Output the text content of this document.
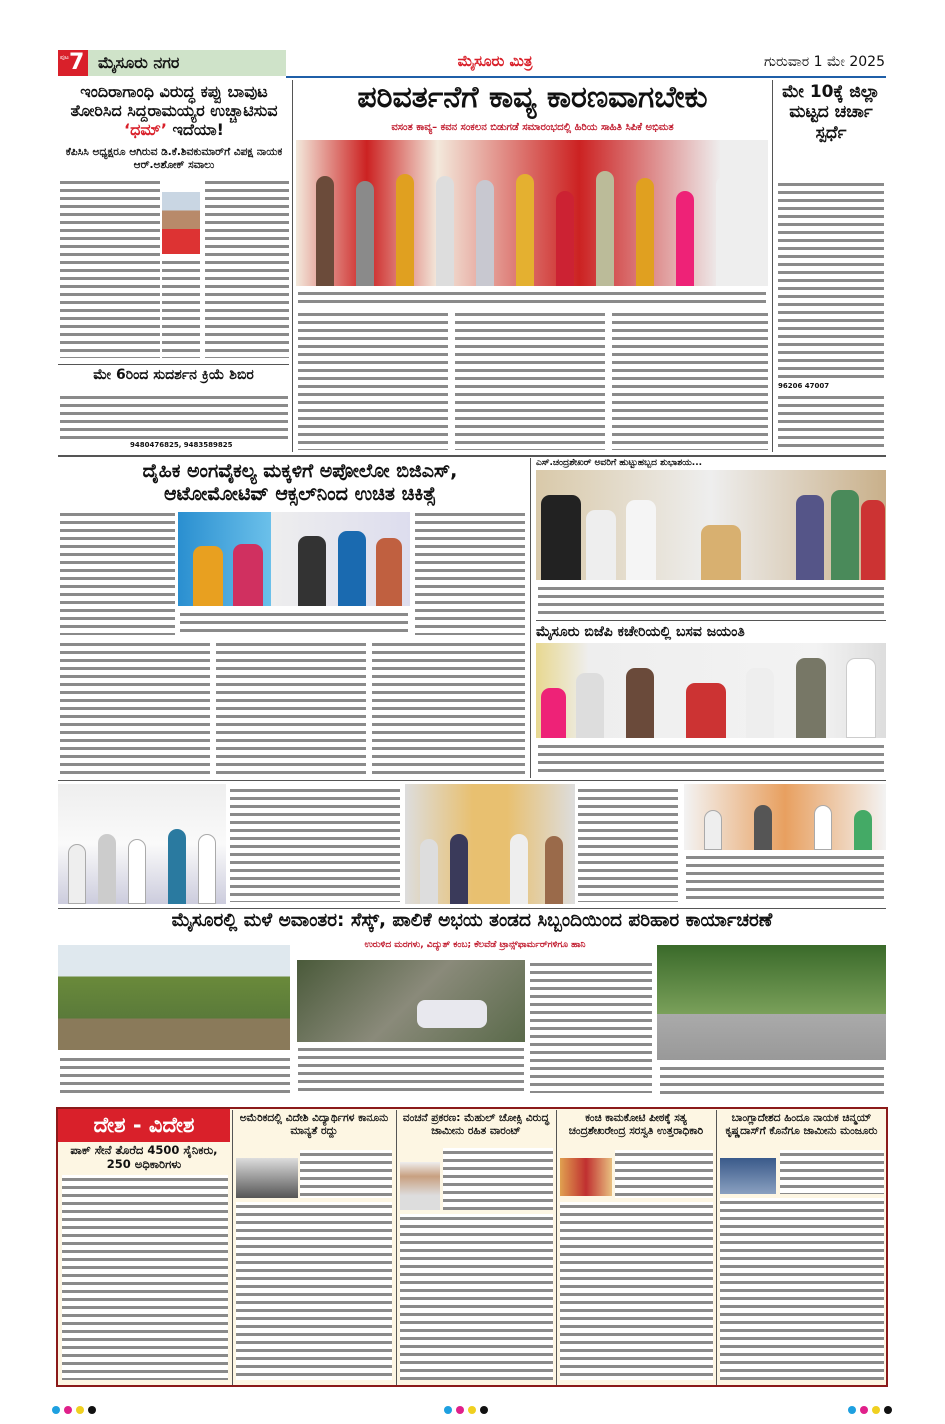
ಪುಟ 7 ಮೈಸೂರು ನಗರ	ಮೈಸೂರು ಮಿತ್ರ	ಗುರುವಾರ 1 ಮೇ 2025
ಇಂದಿರಾಗಾಂಧಿ ವಿರುದ್ಧ ಕಪ್ಪು ಬಾವುಟ ತೋರಿಸಿದ ಸಿದ್ದರಾಮಯ್ಯರ ಉಚ್ಚಾಟಿಸುವ ‘ಧಮ್’ ಇದೆಯಾ!
ಕೆಪಿಸಿಸಿ ಅಧ್ಯಕ್ಷರೂ ಆಗಿರುವ ಡಿ.ಕೆ.ಶಿವಕುಮಾರ್‌ಗೆ ವಿಪಕ್ಷ ನಾಯಕ ಆರ್.ಅಶೋಕ್ ಸವಾಲು
ಮೇ 6ರಿಂದ ಸುದರ್ಶನ ಕ್ರಿಯೆ ಶಿಬಿರ
9480476825, 9483589825
ಪರಿವರ್ತನೆಗೆ ಕಾವ್ಯ ಕಾರಣವಾಗಬೇಕು
ವಸಂತ ಕಾವ್ಯ– ಕವನ ಸಂಕಲನ ಬಿಡುಗಡೆ ಸಮಾರಂಭದಲ್ಲಿ ಹಿರಿಯ ಸಾಹಿತಿ ಸಿಪಿಕೆ ಅಭಿಮತ
ಮೇ 10ಕ್ಕೆ ಜಿಲ್ಲಾ ಮಟ್ಟದ ಚರ್ಚಾ ಸ್ಪರ್ಧೆ
96206 47007
ದೈಹಿಕ ಅಂಗವೈಕಲ್ಯ ಮಕ್ಕಳಿಗೆ ಅಪೋಲೋ ಬಿಜಿಎಸ್, ಆಟೋಮೋಟಿವ್ ಆಕ್ಸಲ್‌ನಿಂದ ಉಚಿತ ಚಿಕಿತ್ಸೆ
ಎಸ್.ಚಂದ್ರಶೇಖರ್ ಅವರಿಗೆ ಹುಟ್ಟುಹಬ್ಬದ ಶುಭಾಶಯ...
ಮೈಸೂರು ಬಿಜೆಪಿ ಕಚೇರಿಯಲ್ಲಿ ಬಸವ ಜಯಂತಿ
ಮೈಸೂರಲ್ಲಿ ಮಳೆ ಅವಾಂತರ: ಸೆಸ್ಕ್, ಪಾಲಿಕೆ ಅಭಯ ತಂಡದ ಸಿಬ್ಬಂದಿಯಿಂದ ಪರಿಹಾರ ಕಾರ್ಯಾಚರಣೆ
ಉರುಳಿದ ಮರಗಳು, ವಿದ್ಯುತ್ ಕಂಬ; ಕೆಲವೆಡೆ ಟ್ರಾನ್ಸ್‌ಫಾರ್ಮರ್‌ಗಳಿಗೂ ಹಾನಿ
ದೇಶ - ವಿದೇಶ
ಪಾಕ್ ಸೇನೆ ತೊರೆದ 4500 ಸೈನಿಕರು, 250 ಅಧಿಕಾರಿಗಳು
ಅಮೆರಿಕದಲ್ಲಿ ವಿದೇಶಿ ವಿದ್ಯಾರ್ಥಿಗಳ ಕಾನೂನು ಮಾನ್ಯತೆ ರದ್ದು
ವಂಚನೆ ಪ್ರಕರಣ: ಮೆಹುಲ್ ಚೋಕ್ಸಿ ವಿರುದ್ಧ ಜಾಮೀನು ರಹಿತ ವಾರಂಟ್
ಕಂಚಿ ಕಾಮಕೋಟಿ ಪೀಠಕ್ಕೆ ಸತ್ಯ ಚಂದ್ರಶೇಖರೇಂದ್ರ ಸರಸ್ವತಿ ಉತ್ತರಾಧಿಕಾರಿ
ಬಾಂಗ್ಲಾದೇಶದ ಹಿಂದೂ ನಾಯಕ ಚಿನ್ಮಯ್ ಕೃಷ್ಣದಾಸ್‌ಗೆ ಕೊನೆಗೂ ಜಾಮೀನು ಮಂಜೂರು
